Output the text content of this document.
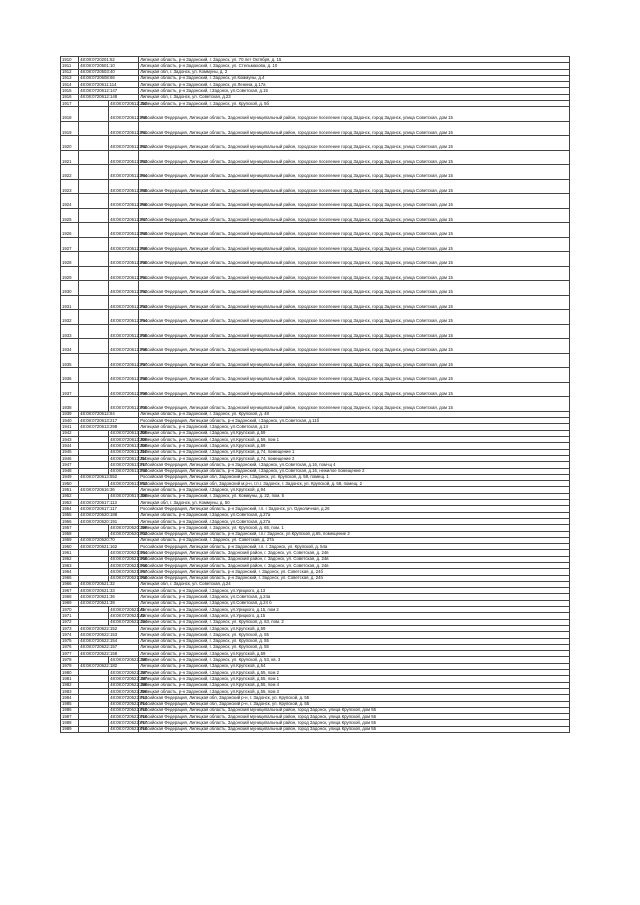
1910	48:08:0720201:62		Липецкая область, р-н Задонский, г. Задонск, ул. 70 лет Октября, д. 15
1911	48:08:0720501:10		Липецкая область, р-н Задонский, г. Задонск, ул. Стельмахова, д. 10
1912	48:08:0720503:40		Липецкая обл, г. Задонск, ул. Коммуны, д. 2
1913	48:08:0720608:66		Липецкая область, р-н Задонский, г. Задонск, ул.Коммуны, д.4
1914	48:08:0720611:114		Липецкая область, р-н Задонский, г. Задонск, ул.Ленина, д.17а
1915	48:08:0720612:147		Липецкая область, р-н Задонский, г.Задонск, ул.Советская, д.15
1916	48:08:0720612:148		Липецкая обл, г. Задонск, ул. Советская, д.23
1917		48:08:0720612:153	Липецкая область, р-н Задонский, г. Задонск, ул. Крупской, д. 5б
1918		48:08:0720612:380	Российская Федерация, Липецкая область, Задонский муниципальный район, городское поселение город Задонск, город Задонск, улица Советская, дом 15
1919		48:08:0720612:381	Российская Федерация, Липецкая область, Задонский муниципальный район, городское поселение город Задонск, город Задонск, улица Советская, дом 15
1920		48:08:0720612:382	Российская Федерация, Липецкая область, Задонский муниципальный район, городское поселение город Задонск, город Задонск, улица Советская, дом 15
1921		48:08:0720612:383	Российская Федерация, Липецкая область, Задонский муниципальный район, городское поселение город Задонск, город Задонск, улица Советская, дом 15
1922		48:08:0720612:384	Российская Федерация, Липецкая область, Задонский муниципальный район, городское поселение город Задонск, город Задонск, улица Советская, дом 15
1923		48:08:0720612:385	Российская Федерация, Липецкая область, Задонский муниципальный район, городское поселение город Задонск, город Задонск, улица Советская, дом 15
1924		48:08:0720612:386	Российская Федерация, Липецкая область, Задонский муниципальный район, городское поселение город Задонск, город Задонск, улица Советская, дом 15
1925		48:08:0720612:387	Российская Федерация, Липецкая область, Задонский муниципальный район, городское поселение город Задонск, город Задонск, улица Советская, дом 15
1926		48:08:0720612:388	Российская Федерация, Липецкая область, Задонский муниципальный район, городское поселение город Задонск, город Задонск, улица Советская, дом 15
1927		48:08:0720612:389	Российская Федерация, Липецкая область, Задонский муниципальный район, городское поселение город Задонск, город Задонск, улица Советская, дом 15
1928		48:08:0720612:390	Российская Федерация, Липецкая область, Задонский муниципальный район, городское поселение город Задонск, город Задонск, улица Советская, дом 15
1929		48:08:0720612:391	Российская Федерация, Липецкая область, Задонский муниципальный район, городское поселение город Задонск, город Задонск, улица Советская, дом 15
1930		48:08:0720612:392	Российская Федерация, Липецкая область, Задонский муниципальный район, городское поселение город Задонск, город Задонск, улица Советская, дом 15
1931		48:08:0720612:393	Российская Федерация, Липецкая область, Задонский муниципальный район, городское поселение город Задонск, город Задонск, улица Советская, дом 15
1932		48:08:0720612:394	Российская Федерация, Липецкая область, Задонский муниципальный район, городское поселение город Задонск, город Задонск, улица Советская, дом 15
1933		48:08:0720612:395	Российская Федерация, Липецкая область, Задонский муниципальный район, городское поселение город Задонск, город Задонск, улица Советская, дом 15
1934		48:08:0720612:396	Российская Федерация, Липецкая область, Задонский муниципальный район, городское поселение город Задонск, город Задонск, улица Советская, дом 15
1935		48:08:0720612:397	Российская Федерация, Липецкая область, Задонский муниципальный район, городское поселение город Задонск, город Задонск, улица Советская, дом 15
1936		48:08:0720612:398	Российская Федерация, Липецкая область, Задонский муниципальный район, городское поселение город Задонск, город Задонск, улица Советская, дом 15
1937		48:08:0720612:399	Российская Федерация, Липецкая область, Задонский муниципальный район, городское поселение город Задонск, город Задонск, улица Советская, дом 15
1938		48:08:0720612:400	Российская Федерация, Липецкая область, Задонский муниципальный район, городское поселение город Задонск, город Задонск, улица Советская, дом 15
1939	48:08:0720612:84		Липецкая область, р-н Задонский, г. Задонск, ул. Крупской, д. 48
1940	48:08:0720613:217		Российская Федерация, Липецкая область, р-н Задонский, г.Задонск, ул.Советская, д.11б
1941	48:08:0720613:298		Липецкая область, р-н Задонский, г.Задонск, ул.Советская, д.14
1942		48:08:0720613:305	Липецкая область, р-н Задонский, г.Задонск, ул.Крупской, д.59
1943		48:08:0720613:306	Липецкая область, р-н Задонский, г.Задонск, ул.Крупской, д.59, пом 1
1944		48:08:0720613:308	Липецкая область, р-н Задонский, г.Задонск, ул.Крупской, д.59
1945		48:08:0720613:310	Липецкая область, р-н Задонский, г.Задонск, ул.Крупской, д.74, помещение 1
1946		48:08:0720613:311	Липецкая область, р-н Задонский, г.Задонск, ул.Крупской, д.74, помещение 2
1947		48:08:0720613:317	Российская Федерация, Липецкая область, р-н Задонский, г.Задонск, ул.Советская, д.16, пом-щ 4
1948		48:08:0720613:338	Российская Федерация, Липецкая область, р-н Задонский, г.Задонск, ул.Советская, д.16, нежилое помещение 2
1949	48:08:0720613:552		Российская Федерация, Липецкая обл, Задонский р-н, г.Задонск, ул. Крупской, д. 58, помещ. 1
1950		48:08:0720613:553	Российская Федерация, Липецкая обл, Задонский м.р-н, г.п.г. Задонск, г. Задонск, ул. Крупской, д. 58, помещ. 2
1951	48:08:0720616:36		Липецкая область, р-н Задонский, г.Задонск, ул.Крупской, д.94
1952		48:08:0720617:108	Липецкая область, р-н Задонский, г. Задонск, ул. Коммуны, д. 22, пом. 5
1953	48:08:0720617:113		Липецкая обл, г. Задонск, ул. Коммуны, д. 50
1954	48:08:0720617:117		Российская Федерация, Липецкая область, р-н Задонский, г.п. г Задонск, ул. Одноличная, д.26
1955	48:08:0720620:188		Липецкая область, р-н Задонский, г.Задонск, ул.Советская, д.27а
1956	48:08:0720620:191		Липецкая область, р-н Задонский, г.Задонск, ул.Советская, д.27а
1957		48:08:0720620:199	Липецкая область, р-н Задонский, г. Задонск, ул. Крупской, д. 65, пом. 1
1958		48:08:0720620:203	Российская Федерация, Липецкая область, р-н Задонский, г.п.г Задонск, ул.Крупской, д.65, помещение 2
1959	48:08:0720620:70		Липецкая область, р-н Задонский, г. Задонск, ул. Советская, д. 27а
1960	48:08:0720621:162		Российская Федерация, Липецкая область, р-н Задонский, г.п. г. Задонск, ул. Крупской, д. 54а
1961		48:08:0720621:164	Российская Федерация, Липецкая область, Задонский район, г. Задонск, ул. Советская, д. 24в
1962		48:08:0720621:165	Российская Федерация, Липецкая область, Задонский район, г. Задонск, ул. Советская, д. 24в
1963		48:08:0720621:166	Российская Федерация, Липецкая область, Задонский район, г. Задонск, ул. Советская, д. 24в
1964		48:08:0720621:167	Российская Федерация, Липецкая область, р-н Задонский, г. Задонск, ул. Советская, д. 24б
1965		48:08:0720621:168	Российская Федерация, Липецкая область, р-н Задонский, г. Задонск, ул. Советская, д. 24б
1966	48:08:0720621:32		Липецкая обл, г. Задонск, ул. Советская, д.24
1967	48:08:0720621:33		Липецкая область, р-н Задонский, г.Задонск, ул.Урицкого, д.13
1968	48:08:0720621:36		Липецкая область, р-н Задонский, г.Задонск, ул.Советская, д.24а
1969	48:08:0720621:39		Липецкая область, р-н Задонский, г.Задонск, ул.Советская, д.24 б
1970		48:08:0720621:41	Липецкая область, р-н Задонский, г.Задонск, ул.Урицкого, д.15, пом 2
1971		48:08:0720621:42	Липецкая область, р-н Задонский, г.Задонск, ул.Урицкого, д.15
1972		48:08:0720622:144	Липецкая область, р-н Задонский, г. Задонск, ул. Крупской, д. 63, пом. 2
1973	48:08:0720622:152		Липецкая область, р-н Задонский, г.Задонск, ул.Крупской, д.59
1974	48:08:0720622:153		Липецкая область, р-н Задонский, г. Задонск, ул. Крупской, д. 55
1975	48:08:0720622:154		Липецкая область, р-н Задонский, г. Задонск, ул. Крупской, д. 55
1976	48:08:0720622:157		Липецкая область, р-н Задонский, г. Задонск, ул. Крупской, д. 55
1977	48:08:0720622:158		Липецкая область, р-н Задонский, г.Задонск, ул.Крупской, д.59
1978		48:08:0720622:180	Липецкая область, р-н Задонский, г. Задонск, ул. Крупской, д. 53, кв. 3
1979	48:08:0720622:182		Липецкая область, р-н Задонский, г.Задонск, ул.Крупской, д.54
1980		48:08:0720622:187	Липецкая область, р-н Задонский, г.Задонск, ул.Крупской, д.55, пом 2
1981		48:08:0720622:187	Липецкая область, р-н Задонский, г.Задонск, ул.Крупской, д.55, пом 1
1982		48:08:0720622:188	Липецкая область, р-н Задонский, г.Задонск, ул.Крупской, д.55, пом 4
1983		48:08:0720622:396	Липецкая область, р-н Задонский, г.Задонск, ул.Крупской, д.55, пом 3
1984		48:08:0720622:413	Российская Федерация, Липецкая обл, Задонский р-н, г. Задонск, ул. Крупской, д. 55
1985		48:08:0720622:414	Российская Федерация, Липецкая обл, Задонский р-н, г. Задонск, ул. Крупской, д. 55
1986		48:08:0720622:415	Российская Федерация, Липецкая область, Задонский муниципальный район, город Задонск, улица Крупской, дом 55
1987		48:08:0720622:416	Российская Федерация, Липецкая область, Задонский муниципальный район, город Задонск, улица Крупской, дом 55
1988		48:08:0720622:417	Российская Федерация, Липецкая область, Задонский муниципальный район, город Задонск, улица Крупской, дом 55
1989		48:08:0720622:418	Российская Федерация, Липецкая область, Задонский муниципальный район, город Задонск, улица Крупской, дом 55
